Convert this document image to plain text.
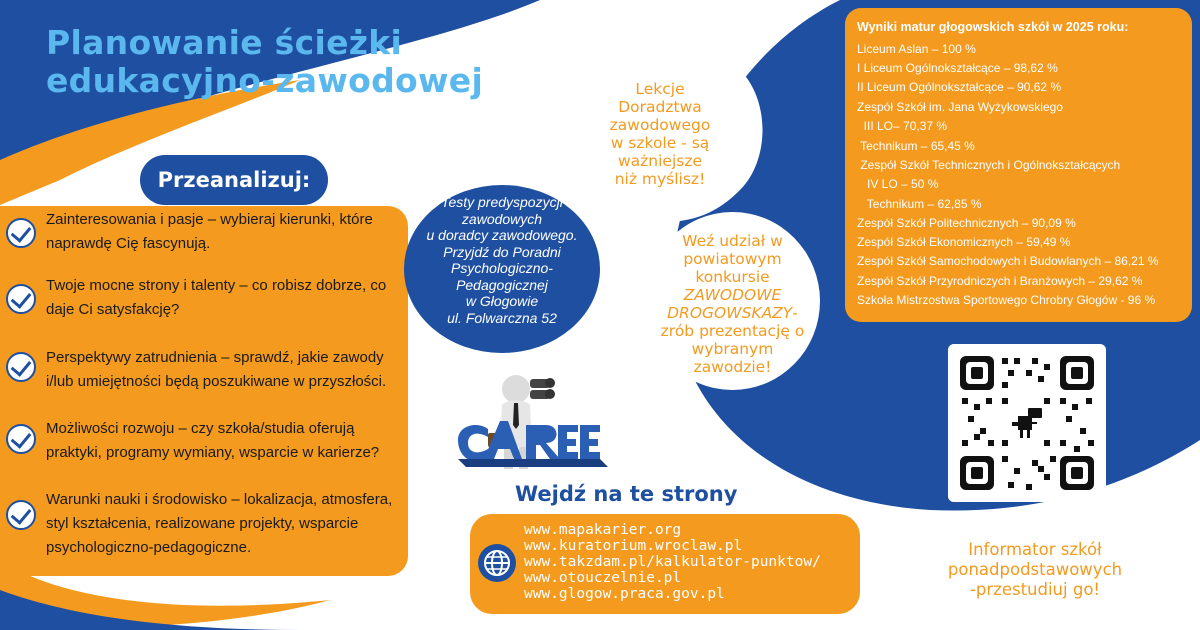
Planowanie ścieżki
edukacyjno-zawodowej
Przeanalizuj:
Zainteresowania i pasje – wybieraj kierunki, które naprawdę Cię fascynują.
Twoje mocne strony i talenty – co robisz dobrze, co daje Ci satysfakcję?
Perspektywy zatrudnienia – sprawdź, jakie zawody i/lub umiejętności będą poszukiwane w przyszłości.
Możliwości rozwoju – czy szkoła/studia oferują praktyki, programy wymiany, wsparcie w karierze?
Warunki nauki i środowisko – lokalizacja, atmosfera, styl kształcenia, realizowane projekty, wsparcie psychologiczno-pedagogiczne.
Testy predyspozycji
zawodowych
u doradcy zawodowego.
Przyjdź do Poradni
Psychologiczno-
Pedagogicznej
w Głogowie
ul. Folwarczna 52
Lekcje
Doradztwa
zawodowego
w szkole - są
ważniejsze
niż myślisz!
Weź udział w powiatowym konkursie ZAWODOWE DROGOWSKAZY- zrób prezentację o wybranym zawodzie!
Wyniki matur głogowskich szkół w 2025 roku:
Liceum Aslan – 100 %
I Liceum Ogólnokształcące – 98,62 %
II Liceum Ogólnokształcące – 90,62 %
Zespół Szkół im. Jana Wyżykowskiego
III LO– 70,37 %
Technikum – 65,45 %
Zespół Szkół Technicznych i Ogólnokształcących
IV LO – 50 %
Technikum – 62,85 %
Zespół Szkół Politechnicznych – 90,09 %
Zespół Szkół Ekonomicznych – 59,49 %
Zespół Szkół Samochodowych i Budowlanych – 86,21 %
Zespół Szkół Przyrodniczych i Branżowych – 29,62 %
Szkoła Mistrzostwa Sportowego Chrobry Głogów - 96 %
Wejdź na te strony
www.mapakarier.org
www.kuratorium.wroclaw.pl
www.takzdam.pl/kalkulator-punktow/
www.otouczelnie.pl
www.glogow.praca.gov.pl
Informator szkół
ponadpodstawowych
-przestudiuj go!
